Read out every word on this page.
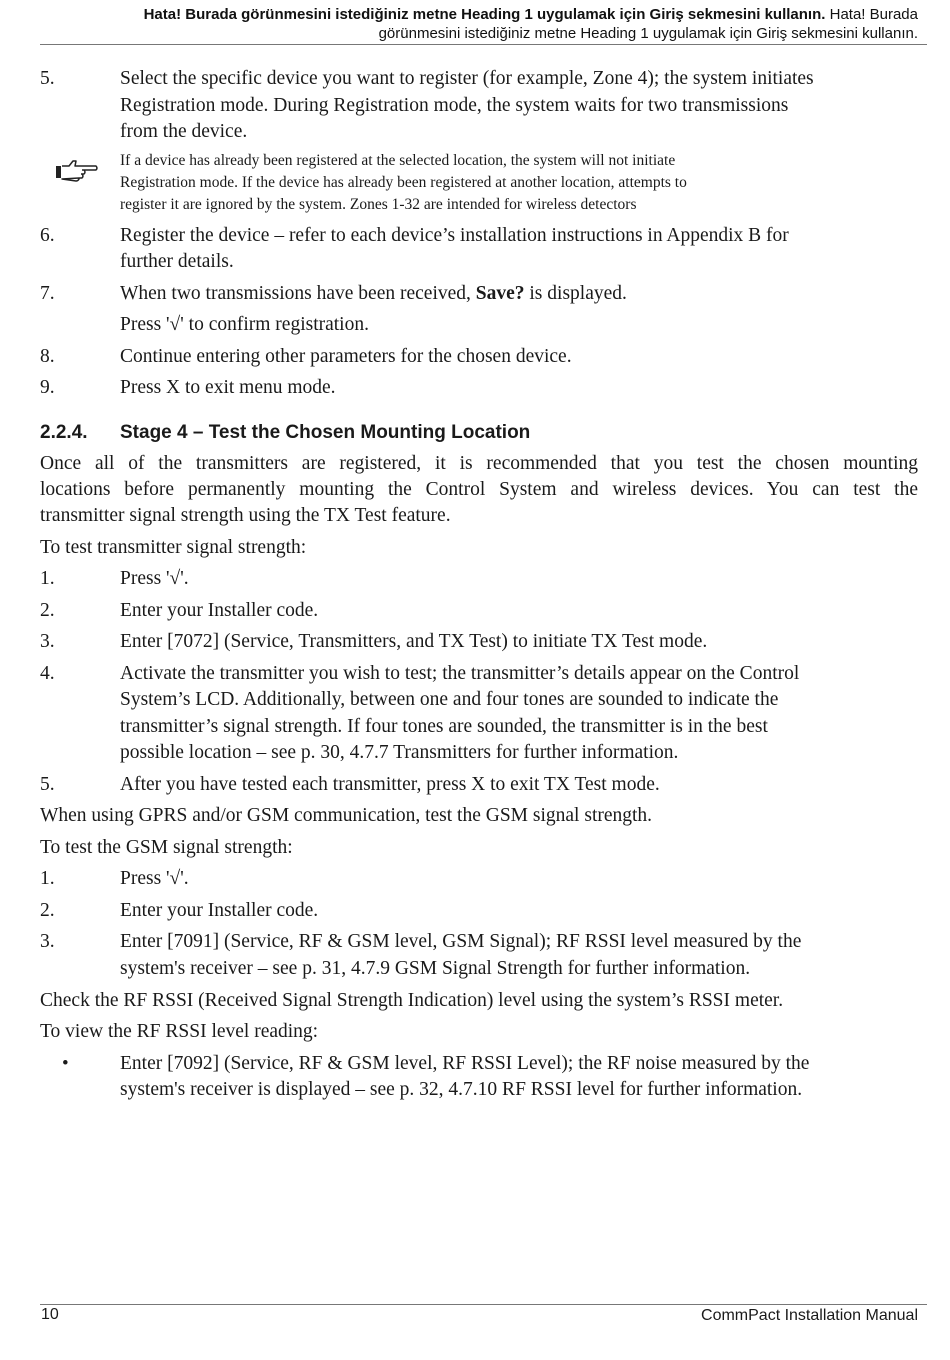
Hata! Burada görünmesini istediğiniz metne Heading 1 uygulamak için Giriş sekmesini kullanın. Hata! Burada
görünmesini istediğiniz metne Heading 1 uygulamak için Giriş sekmesini kullanın.
5.	Select the specific device you want to register (for example, Zone 4); the system initiates
Registration mode. During Registration mode, the system waits for two transmissions
from the device.
If a device has already been registered at the selected location, the system will not initiate
Registration mode. If the device has already been registered at another location, attempts to
register it are ignored by the system. Zones 1-32 are intended for wireless detectors
6.	Register the device – refer to each device’s installation instructions in Appendix B for
further details.
7.	When two transmissions have been received, Save? is displayed.
Press '√' to confirm registration.
8.	Continue entering other parameters for the chosen device.
9.	Press X to exit menu mode.
2.2.4. Stage 4 – Test the Chosen Mounting Location
Once all of the transmitters are registered, it is recommended that you test the chosen mounting
locations before permanently mounting the Control System and wireless devices. You can test the
transmitter signal strength using the TX Test feature.
To test transmitter signal strength:
1.	Press '√'.
2.	Enter your Installer code.
3.	Enter [7072] (Service, Transmitters, and TX Test) to initiate TX Test mode.
4.	Activate the transmitter you wish to test; the transmitter’s details appear on the Control
System’s LCD. Additionally, between one and four tones are sounded to indicate the
transmitter’s signal strength. If four tones are sounded, the transmitter is in the best
possible location – see p. 30, 4.7.7 Transmitters for further information.
5.	After you have tested each transmitter, press X to exit TX Test mode.
When using GPRS and/or GSM communication, test the GSM signal strength.
To test the GSM signal strength:
1.	Press '√'.
2.	Enter your Installer code.
3.	Enter [7091] (Service, RF & GSM level, GSM Signal); RF RSSI level measured by the
system's receiver – see p. 31, 4.7.9 GSM Signal Strength for further information.
Check the RF RSSI (Received Signal Strength Indication) level using the system’s RSSI meter.
To view the RF RSSI level reading:
•	Enter [7092] (Service, RF & GSM level, RF RSSI Level); the RF noise measured by the
system's receiver is displayed – see p. 32, 4.7.10 RF RSSI level for further information.
10	CommPact Installation Manual
